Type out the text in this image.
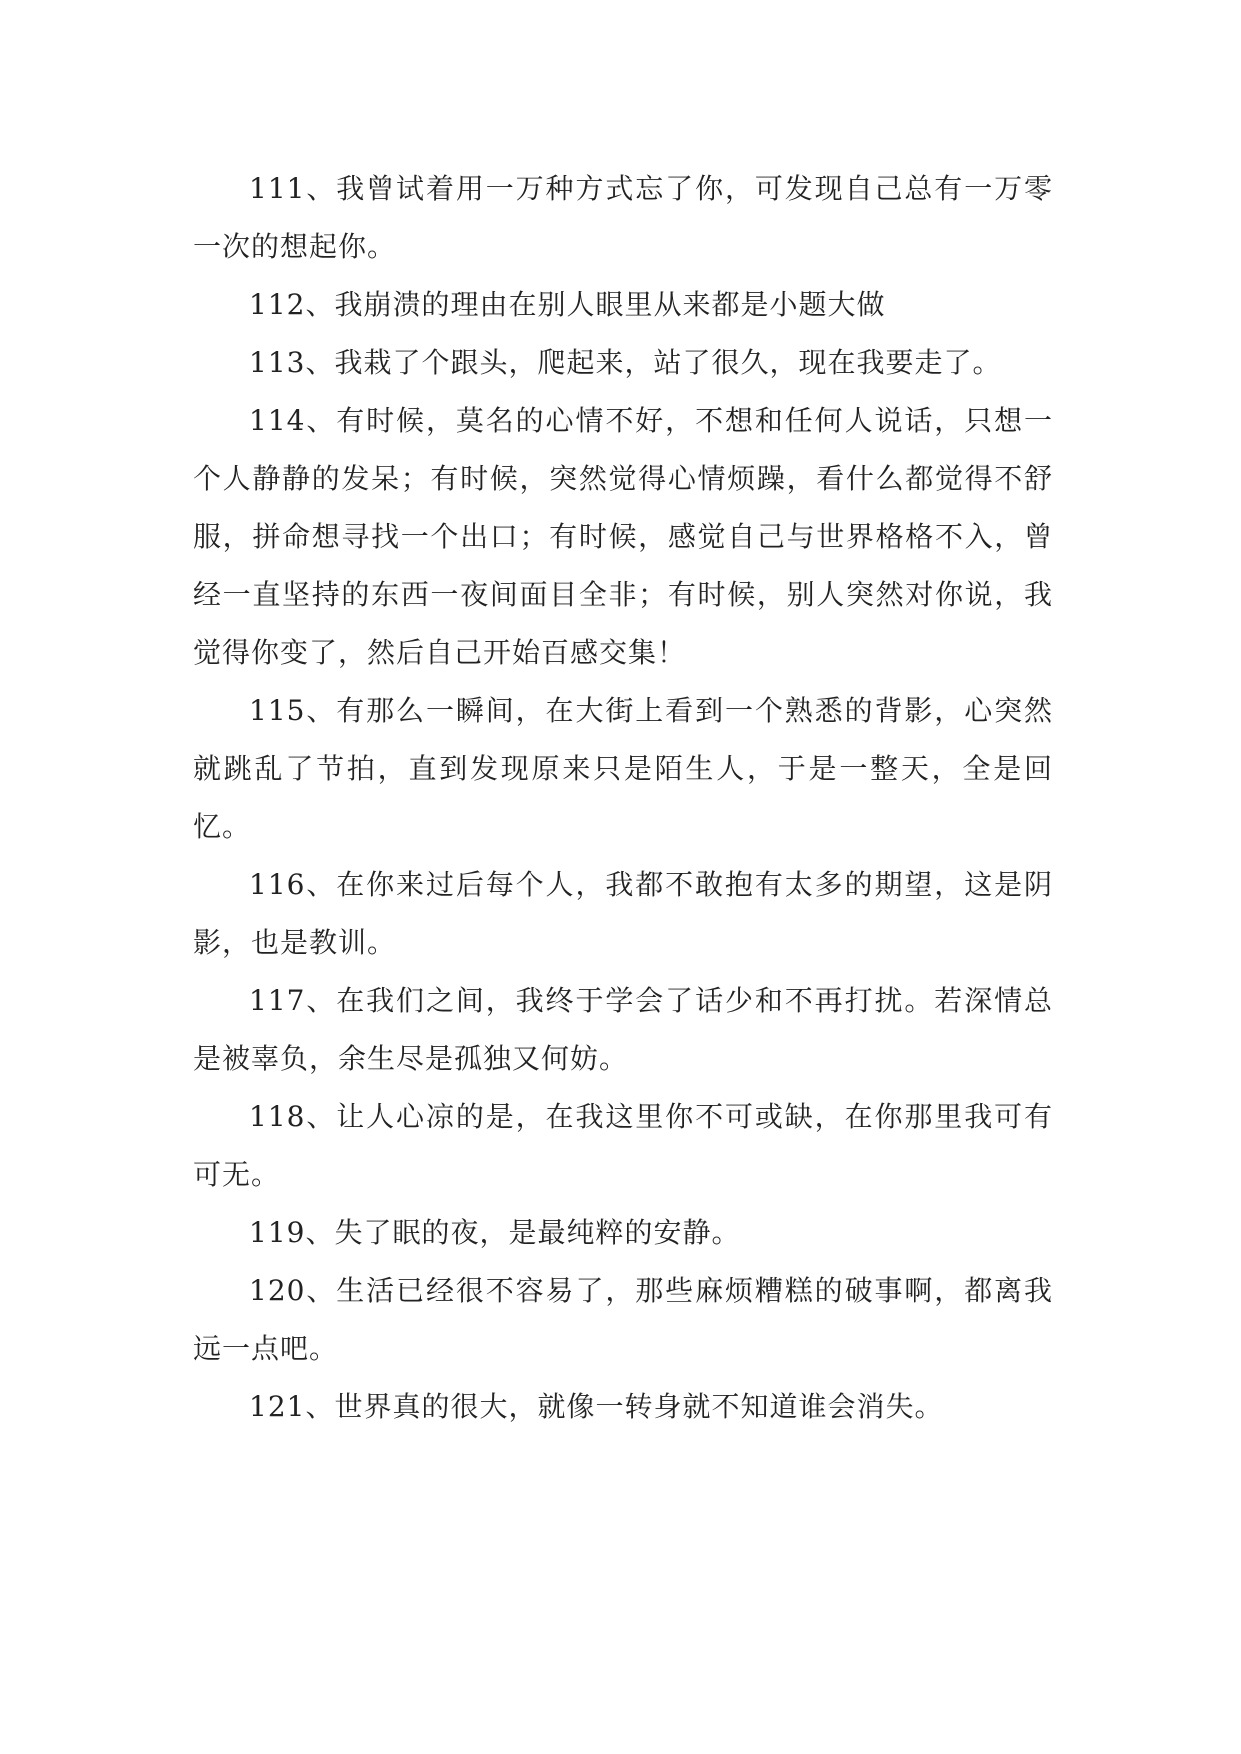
111、我曾试着用一万种方式忘了你，可发现自己总有一万零一次的想起你。

112、我崩溃的理由在别人眼里从来都是小题大做

113、我栽了个跟头，爬起来，站了很久，现在我要走了。

114、有时候，莫名的心情不好，不想和任何人说话，只想一个人静静的发呆；有时候，突然觉得心情烦躁，看什么都觉得不舒服，拼命想寻找一个出口；有时候，感觉自己与世界格格不入，曾经一直坚持的东西一夜间面目全非；有时候，别人突然对你说，我觉得你变了，然后自己开始百感交集！

115、有那么一瞬间，在大街上看到一个熟悉的背影，心突然就跳乱了节拍，直到发现原来只是陌生人，于是一整天，全是回忆。

116、在你来过后每个人，我都不敢抱有太多的期望，这是阴影，也是教训。

117、在我们之间，我终于学会了话少和不再打扰。若深情总是被辜负，余生尽是孤独又何妨。

118、让人心凉的是，在我这里你不可或缺，在你那里我可有可无。

119、失了眠的夜，是最纯粹的安静。

120、生活已经很不容易了，那些麻烦糟糕的破事啊，都离我远一点吧。

121、世界真的很大，就像一转身就不知道谁会消失。
